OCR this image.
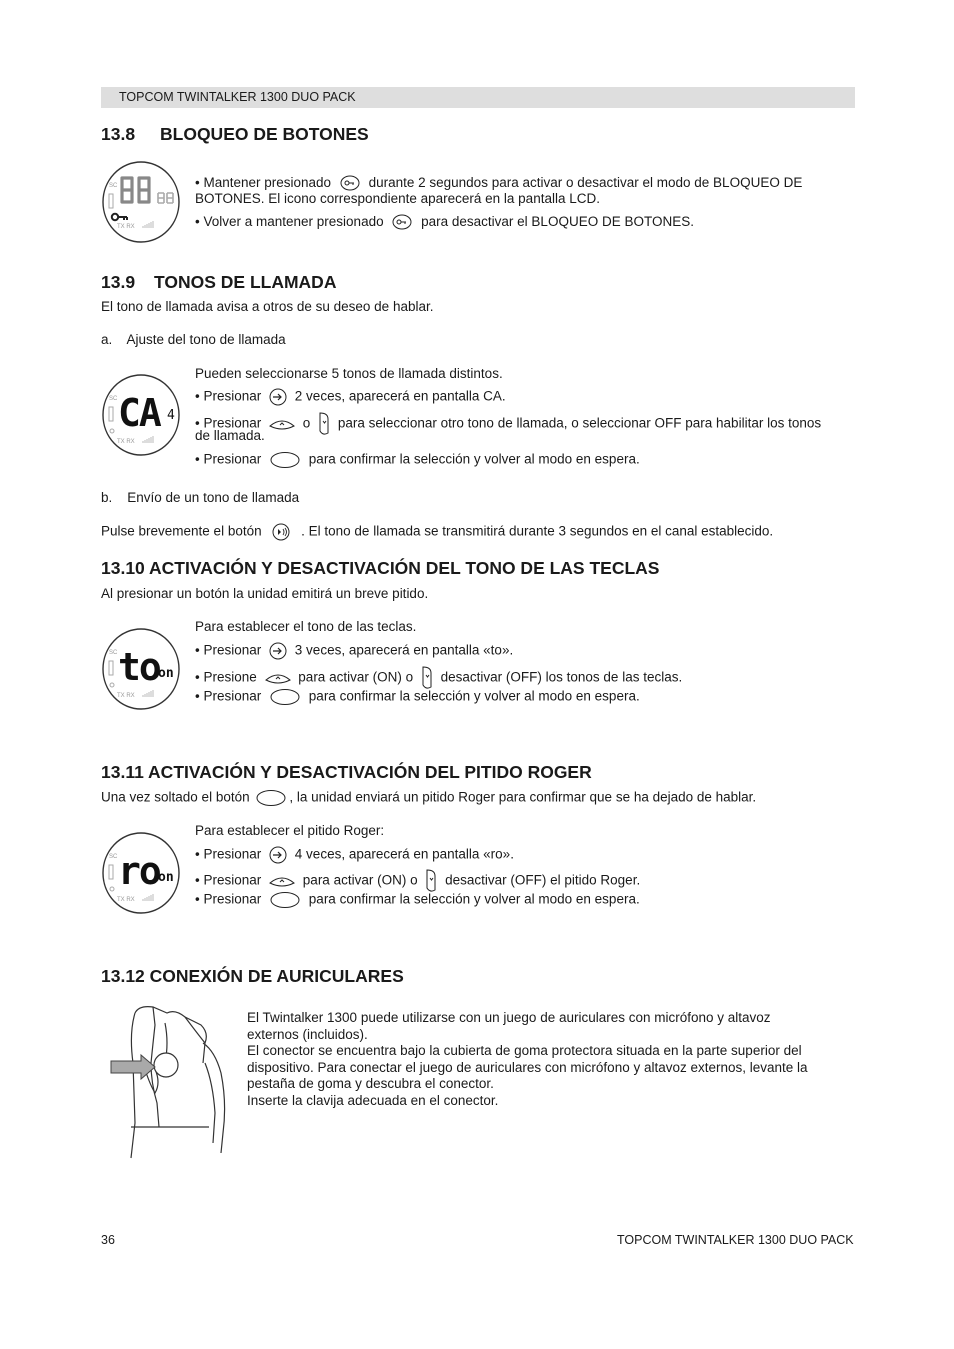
TOPCOM TWINTALKER 1300 DUO PACK
13.8 BLOQUEO DE BOTONES
SC
TX RX
• Mantener presionado	durante 2 segundos para activar o desactivar el modo de BLOQUEO DE
BOTONES. El icono correspondiente aparecerá en la pantalla LCD.
• Volver a mantener presionado	para desactivar el BLOQUEO DE BOTONES.
13.9 TONOS DE LLAMADA
El tono de llamada avisa a otros de su deseo de hablar.
a.    Ajuste del tono de llamada
SC CA 4
TX RX
Pueden seleccionarse 5 tonos de llamada distintos.
• Presionar 2 veces, aparecerá en pantalla CA.
• Presionar	o para seleccionar otro tono de llamada, o seleccionar OFF para habilitar los tonos
de llamada.
• Presionar	para confirmar la selección y volver al modo en espera.
b.    Envío de un tono de llamada
Pulse brevemente el botón	. El tono de llamada se transmitirá durante 3 segundos en el canal establecido.
13.10 ACTIVACIÓN Y DESACTIVACIÓN DEL TONO DE LAS TECLAS
Al presionar un botón la unidad emitirá un breve pitido.
SC to
on
TX RX
Para establecer el tono de las teclas.
• Presionar 3 veces, aparecerá en pantalla «to».
• Presione	para activar (ON) o desactivar (OFF) los tonos de las teclas.
• Presionar	para confirmar la selección y volver al modo en espera.
13.11 ACTIVACIÓN Y DESACTIVACIÓN DEL PITIDO ROGER
Una vez soltado el botón	, la unidad enviará un pitido Roger para confirmar que se ha dejado de hablar.
SC ro
on
TX RX
Para establecer el pitido Roger:
• Presionar 4 veces, aparecerá en pantalla «ro».
• Presionar	para activar (ON) o desactivar (OFF) el pitido Roger.
• Presionar	para confirmar la selección y volver al modo en espera.
13.12 CONEXIÓN DE AURICULARES
El Twintalker 1300 puede utilizarse con un juego de auriculares con micrófono y altavoz
externos (incluidos).
El conector se encuentra bajo la cubierta de goma protectora situada en la parte superior del
dispositivo. Para conectar el juego de auriculares con micrófono y altavoz externos, levante la
pestaña de goma y descubra el conector.
Inserte la clavija adecuada en el conector.
36	TOPCOM TWINTALKER 1300 DUO PACK
